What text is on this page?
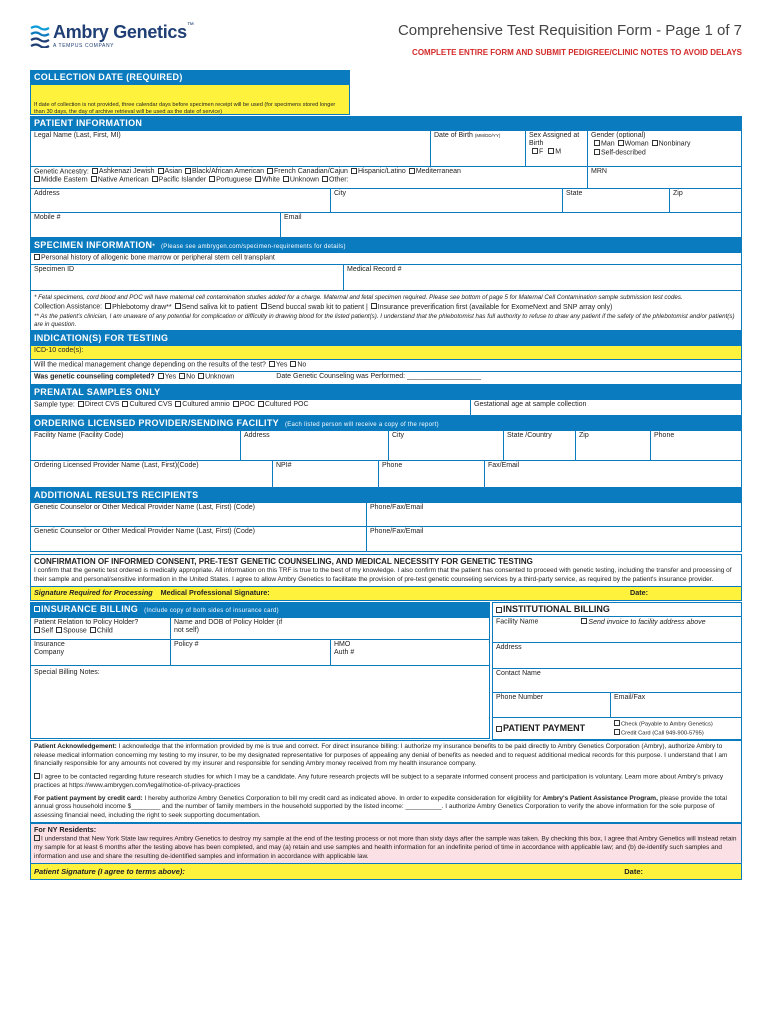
Ambry Genetics™
A TEMPUS COMPANY
Comprehensive Test Requisition Form - Page 1 of 7
COMPLETE ENTIRE FORM AND SUBMIT PEDIGREE/CLINIC NOTES TO AVOID DELAYS
COLLECTION DATE (REQUIRED)
If date of collection is not provided, three calendar days before specimen receipt will be used (for specimens stored longer than 30 days, the day of archive retrieval will be used as the date of service)
PATIENT INFORMATION
Legal Name (Last, First, MI)	Date of Birth (MM/DD/YY)	Sex Assigned at Birth
F M
Gender (optional)
Man Woman Nonbinary
Self-described
Genetic Ancestry: Ashkenazi Jewish Asian Black/African American French Canadian/Cajun Hispanic/Latino Mediterranean
Middle Eastern Native American Pacific Islander Portuguese White Unknown Other:
MRN
Address	City	State	Zip
Mobile #	Email
SPECIMEN $INFORMATION_*$ (Please see ambrygen.com/specimen-requirements for details)
Personal history of allogenic bone marrow or peripheral stem cell transplant
Specimen ID	Medical Record #
* Fetal specimens, cord blood and POC will have maternal cell contamination studies added for a charge. Maternal and fetal specimen required. Please see bottom of page 5 for Maternal Cell Contamination sample submission test codes.
Collection Assistance: Phlebotomy draw** Send saliva kit to patient Send buccal swab kit to patient | Insurance preverification first (available for ExomeNext and SNP array only)
** As the patient's clinician, I am unaware of any potential for complication or difficulty in drawing blood for the listed patient(s). I understand that the phlebotomist has full authority to refuse to draw any patient if the safety of the phlebotomist and/or patient(s) are in question.
INDICATION(S) FOR TESTING
ICD-10 code(s):
Will the medical management change depending on the results of the test? Yes No
Was genetic counseling completed? Yes No Unknown	Date Genetic Counseling was Performed: ___________________
PRENATAL SAMPLES ONLY
Sample type: Direct CVS Cultured CVS Cultured amnio POC Cultured POC	Gestational age at sample collection
ORDERING LICENSED PROVIDER/SENDING FACILITY (Each listed person will receive a copy of the report)
Facility Name (Facility Code)	Address	City	State /Country	Zip	Phone
Ordering Licensed Provider Name (Last, First)(Code)	NPI#	Phone	Fax/Email
ADDITIONAL RESULTS RECIPIENTS
Genetic Counselor or Other Medical Provider Name (Last, First) (Code)	Phone/Fax/Email
Genetic Counselor or Other Medical Provider Name (Last, First) (Code)	Phone/Fax/Email
CONFIRMATION OF INFORMED CONSENT, PRE-TEST GENETIC COUNSELING, AND MEDICAL NECESSITY FOR GENETIC TESTING
I confirm that the genetic test ordered is medically appropriate. All information on this TRF is true to the best of my knowledge. I also confirm that the patient has consented to proceed with genetic testing, including the transfer and processing of their sample and personal/sensitive information in the United States. I agree to allow Ambry Genetics to facilitate the provision of pre-test genetic counseling services by a third-party service, as required by the patient's insurance provider.
Signature Required for Processing Medical Professional Signature:	Date:
INSURANCE BILLING (Include copy of both sides of insurance card)
Patient Relation to Policy Holder?
Self Spouse Child
Name and DOB of Policy Holder (if not self)
Insurance Company
Policy #	HMO
Auth #
Special Billing Notes:
INSTITUTIONAL BILLING
Facility Name	Send invoice to facility address above
Address
Contact Name
Phone Number	Email/Fax
PATIENT PAYMENT	Check (Payable to Ambry Genetics)
Credit Card (Call 949-900-5795)
Patient Acknowledgement: I acknowledge that the information provided by me is true and correct. For direct insurance billing: I authorize my insurance benefits to be paid directly to Ambry Genetics Corporation (Ambry), authorize Ambry to release medical information concerning my testing to my insurer, to be my designated representative for purposes of appealing any denial of benefits as needed and to request additional medical records for this purpose. I understand that I am financially responsible for any amounts not covered by my insurer and responsible for sending Ambry money received from my health insurance company.
I agree to be contacted regarding future research studies for which I may be a candidate. Any future research projects will be subject to a separate informed consent process and participation is voluntary. Learn more about Ambry's privacy practices at https://www.ambrygen.com/legal/notice-of-privacy-practices
For patient payment by credit card: I hereby authorize Ambry Genetics Corporation to bill my credit card as indicated above. In order to expedite consideration for eligibility for Ambry's Patient Assistance Program, please provide the total annual gross household income $________ and the number of family members in the household supported by the listed income: __________. I authorize Ambry Genetics Corporation to verify the above information for the sole purpose of assessing financial need, including the right to seek supporting documentation.
For NY Residents:
I understand that New York State law requires Ambry Genetics to destroy my sample at the end of the testing process or not more than sixty days after the sample was taken. By checking this box, I agree that Ambry Genetics will instead retain my sample for at least 6 months after the testing above has been completed, and may (a) retain and use samples and health information for an indefinite period of time in accordance with applicable law; and (b) de-identify such samples and information and use and share the resulting de-identified samples and information in accordance with applicable law.
Patient Signature (I agree to terms above):	Date:
